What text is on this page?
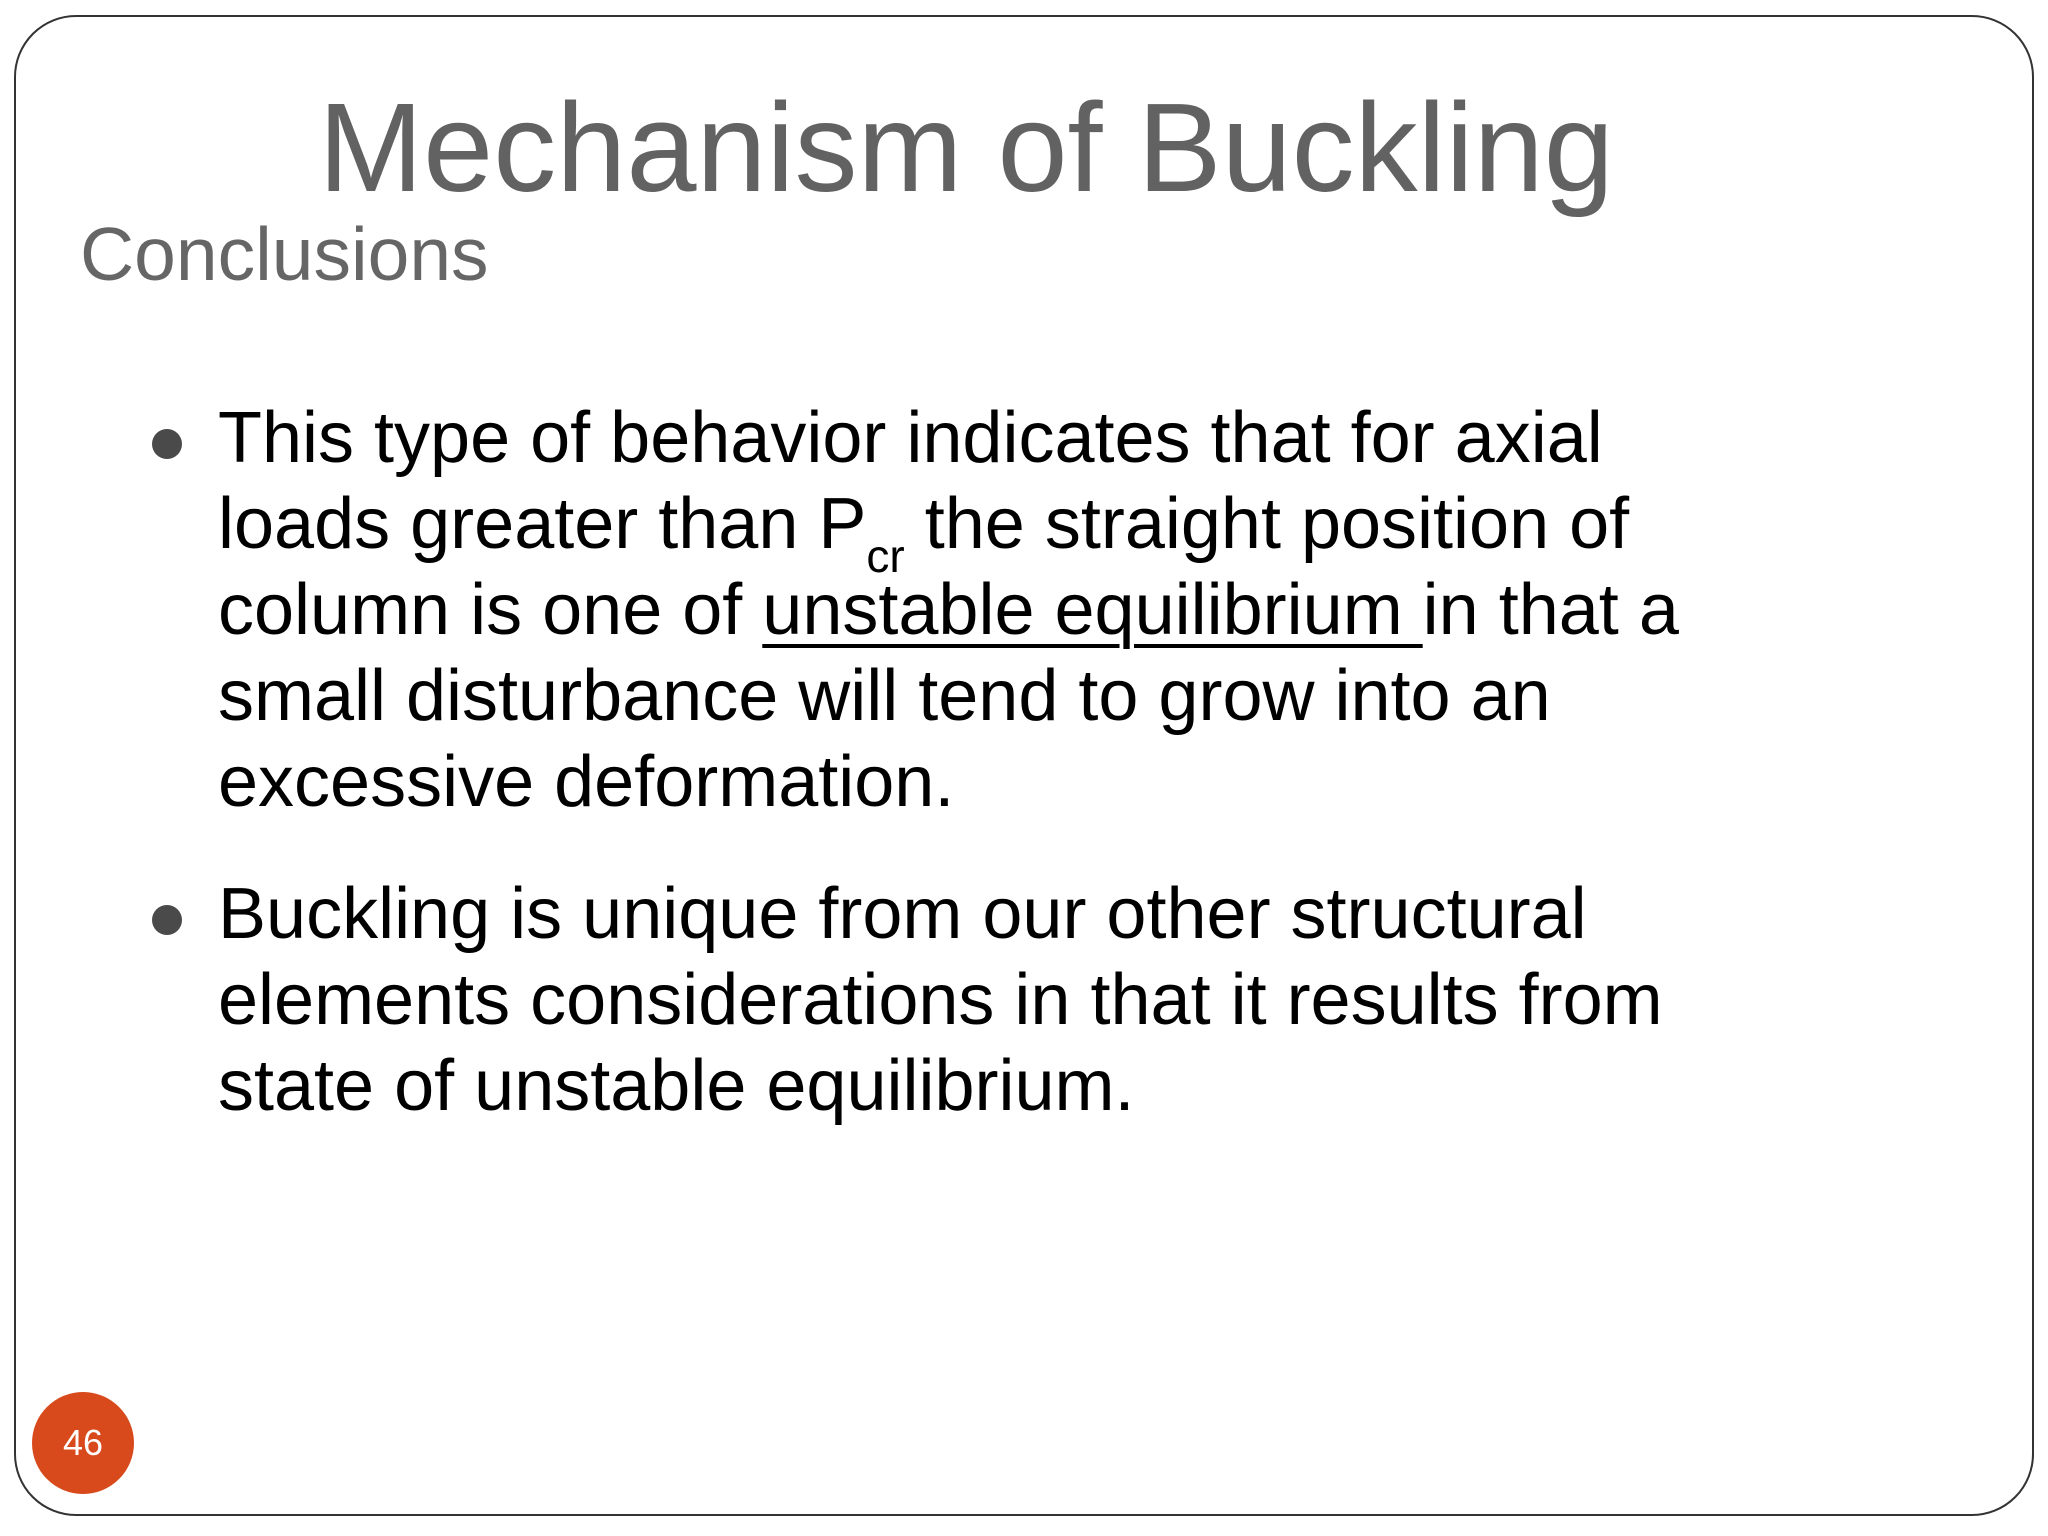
Mechanism of Buckling
Conclusions
This type of behavior indicates that for axial
loads greater than $P_{cr}$ the straight position of
column is one of unstable equilibrium in that a
small disturbance will tend to grow into an
excessive deformation.
Buckling is unique from our other structural
elements considerations in that it results from
state of unstable equilibrium.
46
